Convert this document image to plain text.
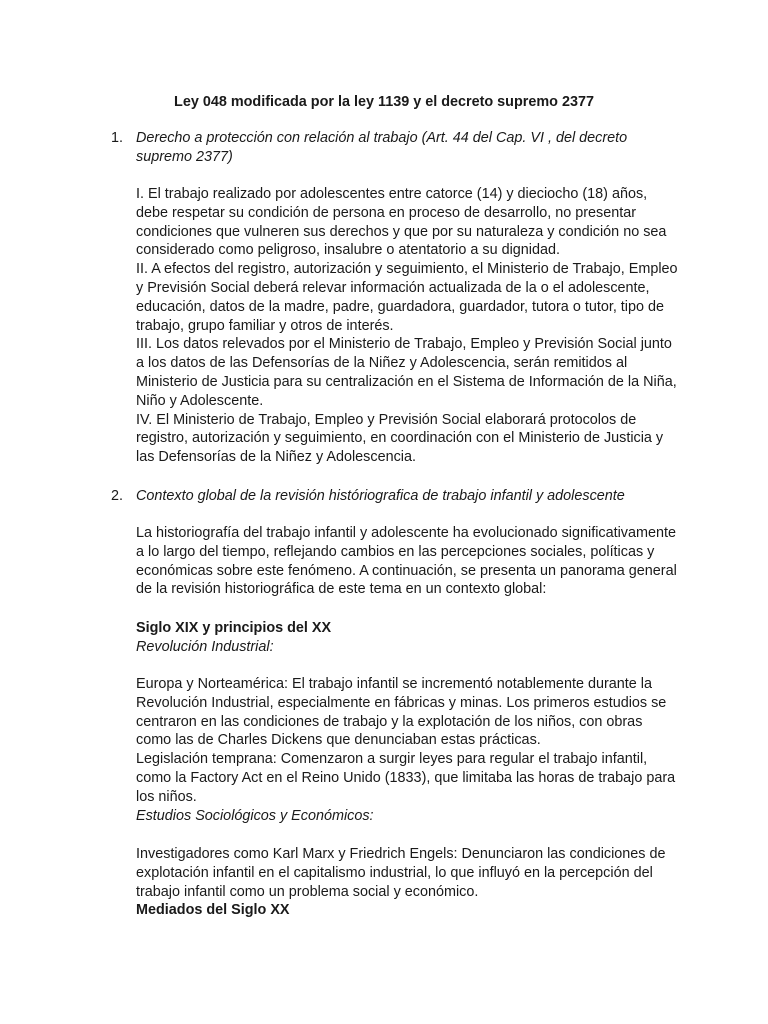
Ley 048 modificada por la ley 1139 y el decreto supremo 2377

1. Derecho a protección con relación al trabajo (Art. 44 del Cap. VI , del decreto supremo 2377)

I. El trabajo realizado por adolescentes entre catorce (14) y dieciocho (18) años, debe respetar su condición de persona en proceso de desarrollo, no presentar condiciones que vulneren sus derechos y que por su naturaleza y condición no sea considerado como peligroso, insalubre o atentatorio a su dignidad.

II. A efectos del registro, autorización y seguimiento, el Ministerio de Trabajo, Empleo y Previsión Social deberá relevar información actualizada de la o el adolescente, educación, datos de la madre, padre, guardadora, guardador, tutora o tutor, tipo de trabajo, grupo familiar y otros de interés.

III. Los datos relevados por el Ministerio de Trabajo, Empleo y Previsión Social junto a los datos de las Defensorías de la Niñez y Adolescencia, serán remitidos al Ministerio de Justicia para su centralización en el Sistema de Información de la Niña, Niño y Adolescente.

IV. El Ministerio de Trabajo, Empleo y Previsión Social elaborará protocolos de registro, autorización y seguimiento, en coordinación con el Ministerio de Justicia y las Defensorías de la Niñez y Adolescencia.

2. Contexto global de la revisión históriografica de trabajo infantil y adolescente

La historiografía del trabajo infantil y adolescente ha evolucionado significativamente a lo largo del tiempo, reflejando cambios en las percepciones sociales, políticas y económicas sobre este fenómeno. A continuación, se presenta un panorama general de la revisión historiográfica de este tema en un contexto global:

Siglo XIX y principios del XX

Revolución Industrial:

Europa y Norteamérica: El trabajo infantil se incrementó notablemente durante la Revolución Industrial, especialmente en fábricas y minas. Los primeros estudios se centraron en las condiciones de trabajo y la explotación de los niños, con obras como las de Charles Dickens que denunciaban estas prácticas.

Legislación temprana: Comenzaron a surgir leyes para regular el trabajo infantil, como la Factory Act en el Reino Unido (1833), que limitaba las horas de trabajo para los niños.

Estudios Sociológicos y Económicos:

Investigadores como Karl Marx y Friedrich Engels: Denunciaron las condiciones de explotación infantil en el capitalismo industrial, lo que influyó en la percepción del trabajo infantil como un problema social y económico.

Mediados del Siglo XX
